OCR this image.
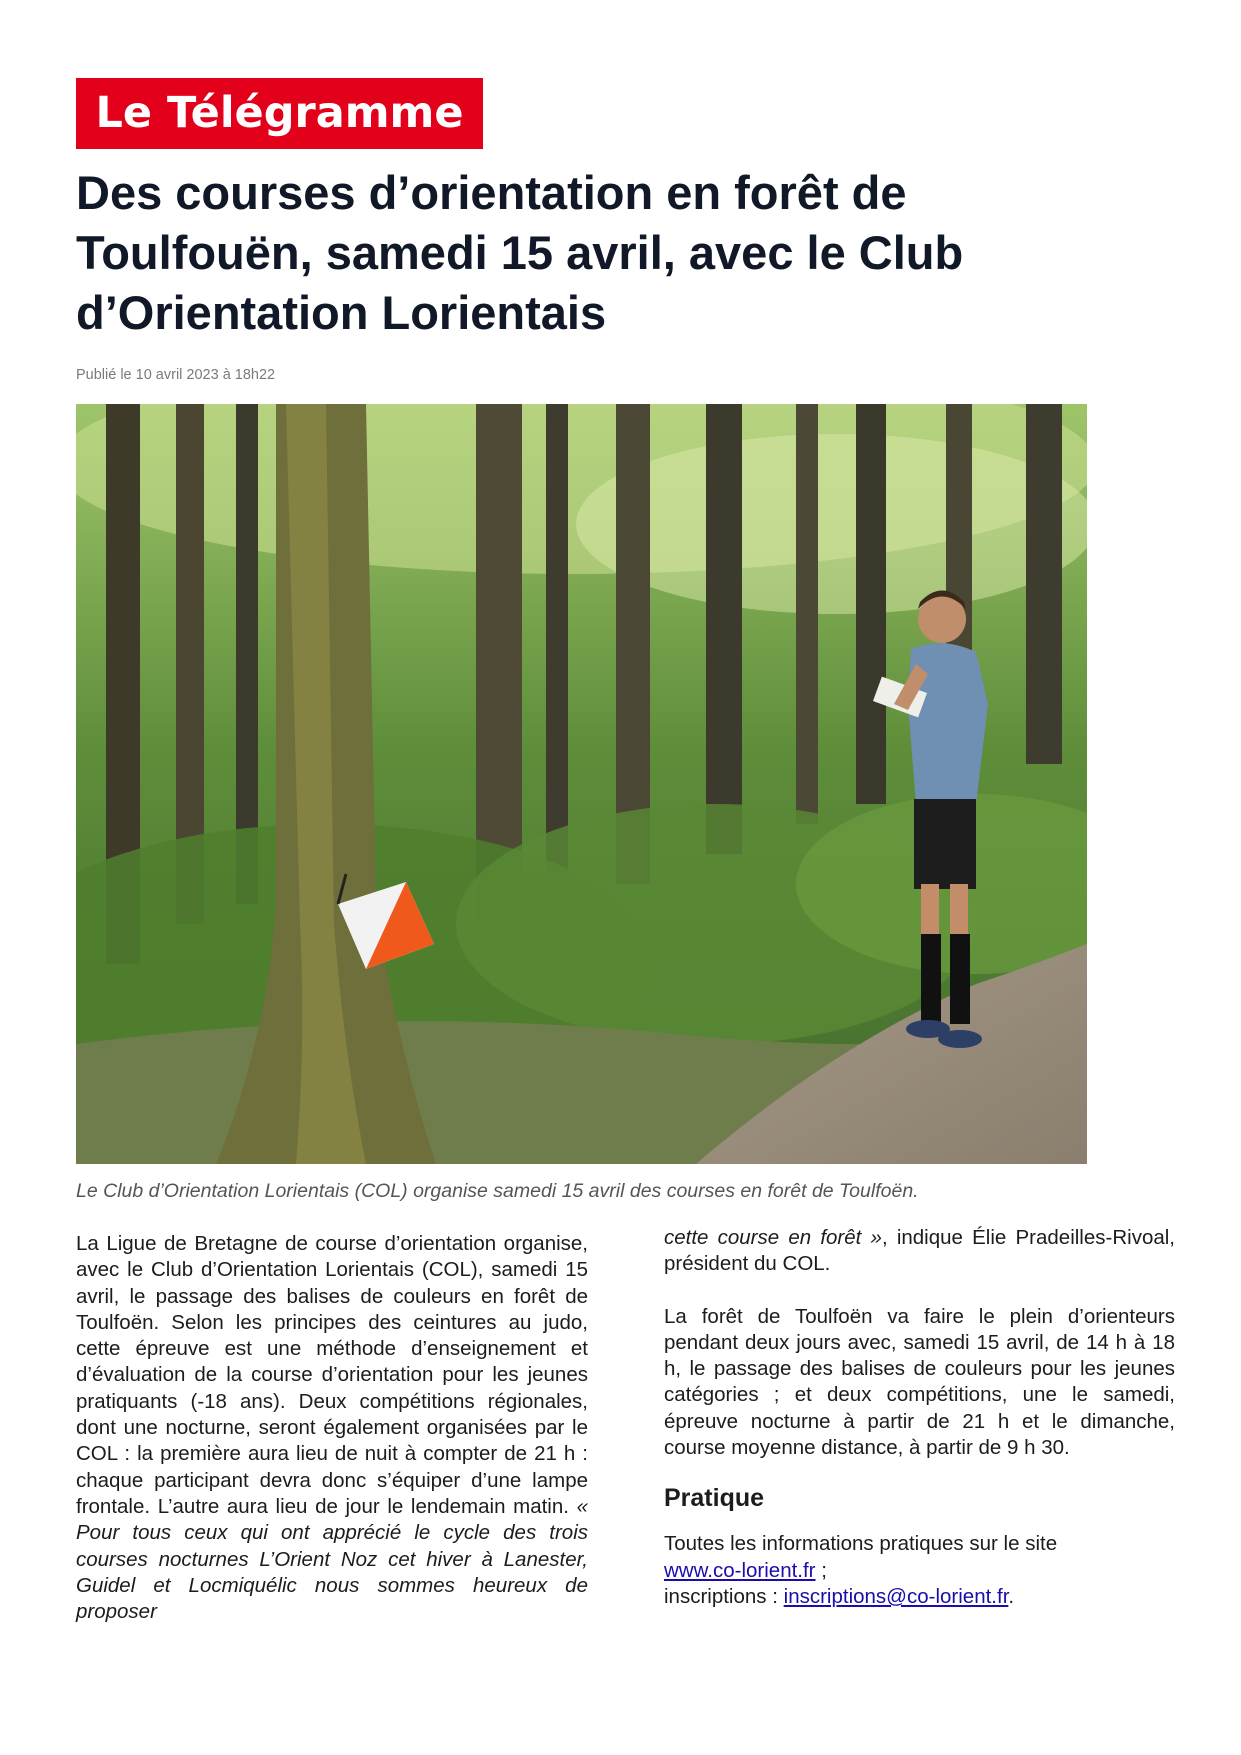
Le Télégramme
Des courses d’orientation en forêt de Toulfouën, samedi 15 avril, avec le Club d’Orientation Lorientais
Publié le 10 avril 2023 à 18h22
Le Club d’Orientation Lorientais (COL) organise samedi 15 avril des courses en forêt de Toulfoën.

La Ligue de Bretagne de course d’orientation organise, avec le Club d’Orientation Lorientais (COL), samedi 15 avril, le passage des balises de couleurs en forêt de Toulfoën. Selon les principes des ceintures au judo, cette épreuve est une méthode d’enseignement et d’évaluation de la course d’orientation pour les jeunes pratiquants (-18 ans). Deux compétitions régionales, dont une nocturne, seront également organisées par le COL : la première aura lieu de nuit à compter de 21 h : chaque participant devra donc s’équiper d’une lampe frontale. L’autre aura lieu de jour le lendemain matin. « Pour tous ceux qui ont apprécié le cycle des trois courses nocturnes L’Orient Noz cet hiver à Lanester, Guidel et Locmiquélic nous sommes heureux de proposer

cette course en forêt », indique Élie Pradeilles-Rivoal, président du COL.

La forêt de Toulfoën va faire le plein d’orienteurs pendant deux jours avec, samedi 15 avril, de 14 h à 18 h, le passage des balises de couleurs pour les jeunes catégories ; et deux compétitions, une le samedi, épreuve nocturne à partir de 21 h et le dimanche, course moyenne distance, à partir de 9 h 30.

Pratique

Toutes les informations pratiques sur le site
www.co-lorient.fr ;
inscriptions : inscriptions@co-lorient.fr.
